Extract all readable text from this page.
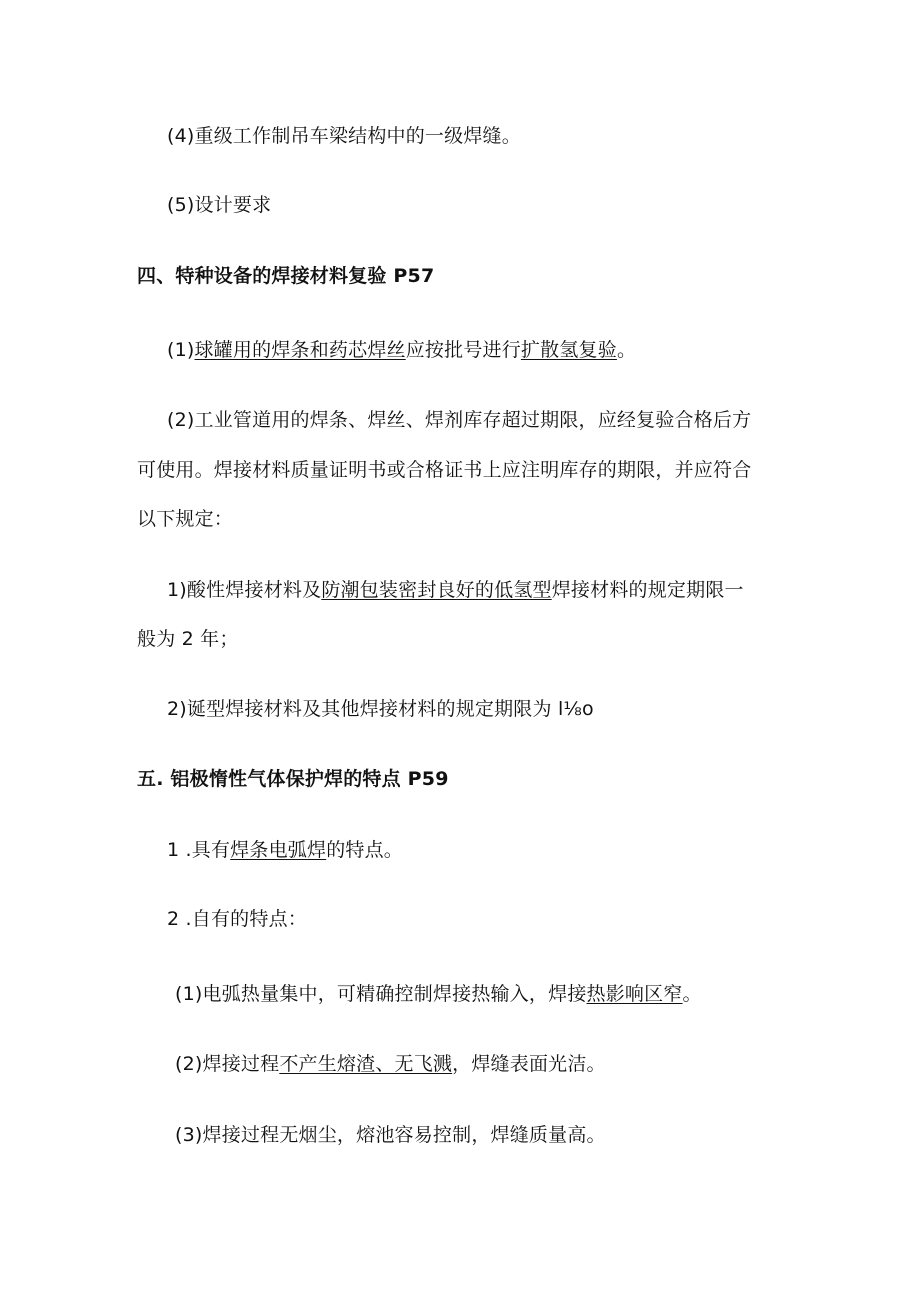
(4)重级工作制吊车梁结构中的一级焊缝。
(5)设计要求
四、特种设备的焊接材料复验 P57
(1)球罐用的焊条和药芯焊丝应按批号进行扩散氢复验。
(2)工业管道用的焊条、焊丝、焊剂库存超过期限，应经复验合格后方
可使用。焊接材料质量证明书或合格证书上应注明库存的期限，并应符合
以下规定：
1)酸性焊接材料及防潮包装密封良好的低氢型焊接材料的规定期限一
般为 2 年；
2)诞型焊接材料及其他焊接材料的规定期限为 l⅛o
五. 铝极惰性气体保护焊的特点 P59
1 .具有焊条电弧焊的特点。
2 .自有的特点：
(1)电弧热量集中，可精确控制焊接热输入，焊接热影响区窄。
(2)焊接过程不产生熔渣、无飞溅，焊缝表面光洁。
(3)焊接过程无烟尘，熔池容易控制，焊缝质量高。
